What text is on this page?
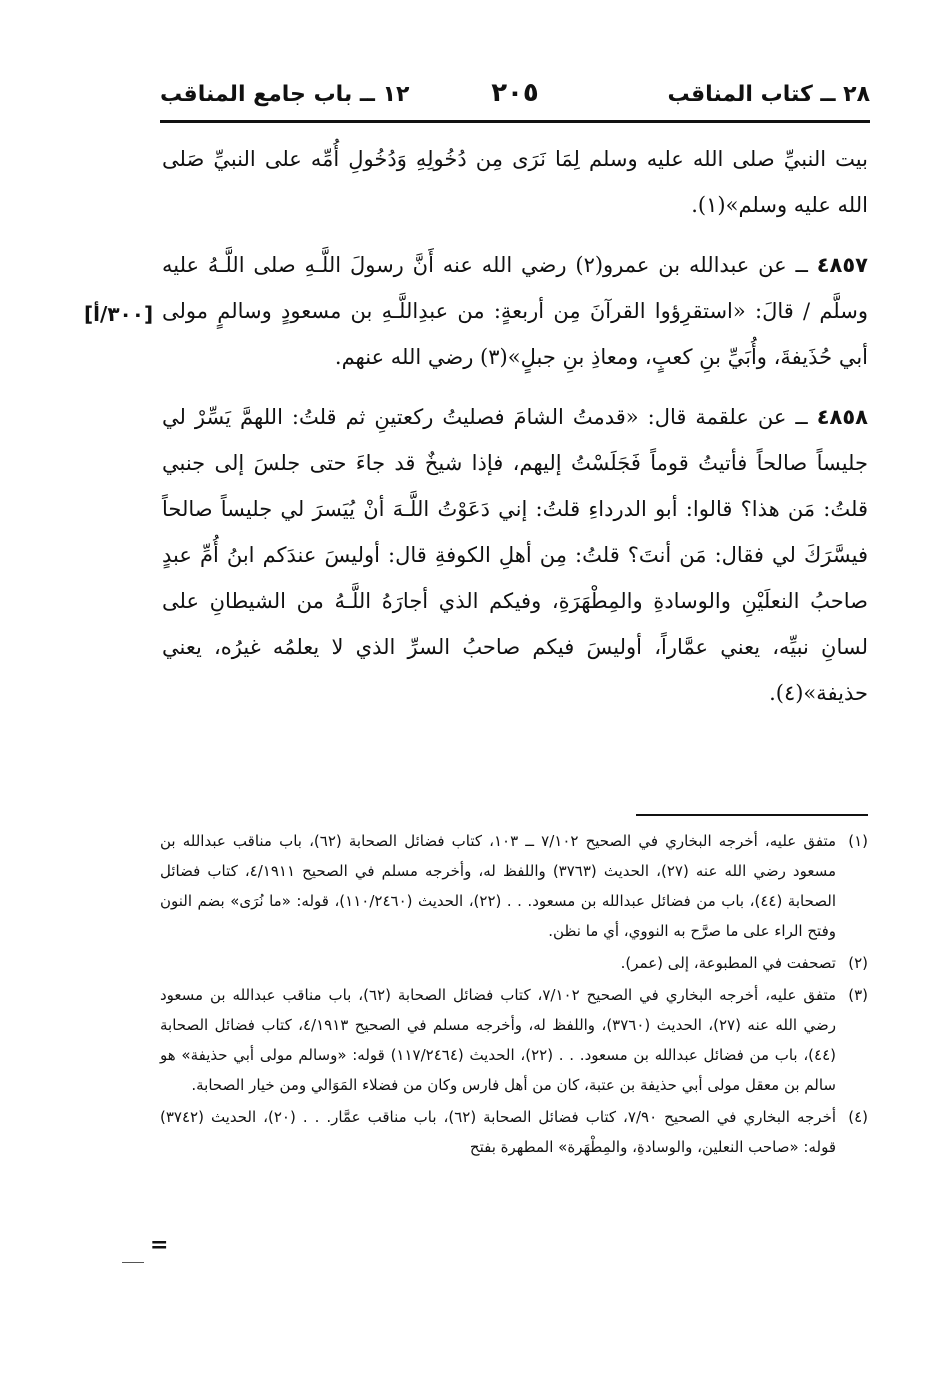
٢٨ ــ كتاب المناقب
٢٠٥
١٢ ــ باب جامع المناقب
[٣٠٠/أ]

بيت النبيِّ صلى الله عليه وسلم لِمَا نَرَى مِن دُخُولِهِ وَدُخُولِ أُمِّه على النبيِّ صَلى الله عليه وسلم»(١).

٤٨٥٧ ــ عن عبدالله بن عمرو(٢) رضي الله عنه أَنَّ رسولَ اللَّـهِ صلى اللَّـهُ عليه وسلَّم / قالَ: «استقرِؤوا القرآنَ مِن أربعةٍ: من عبدِاللَّـهِ بن مسعودٍ وسالمٍ مولى أبي حُذَيفةَ، وأُبَيِّ بنِ كعبٍ، ومعاذِ بنِ جبلٍ»(٣) رضي الله عنهم.

٤٨٥٨ ــ عن علقمة قال: «قدمتُ الشامَ فصليتُ ركعتينِ ثم قلتُ: اللهمَّ يَسِّرْ لي جليساً صالحاً فأتيتُ قوماً فَجَلَسْتُ إليهم، فإذا شيخٌ قد جاءَ حتى جلسَ إلى جنبي قلتُ: مَن هذا؟ قالوا: أبو الدرداءِ قلتُ: إني دَعَوْتُ اللَّـهَ أنْ يُيَسرَ لي جليساً صالحاً فيسَّرَكَ لي فقال: مَن أنتَ؟ قلتُ: مِن أهلِ الكوفةِ قال: أوليسَ عندَكم ابنُ أُمِّ عبدٍ صاحبُ النعلَيْنِ والوسادةِ والمِطْهَرَةِ، وفيكم الذي أجارَهُ اللَّـهُ من الشيطانِ على لسانِ نبيِّه، يعني عمَّاراً، أوليسَ فيكم صاحبُ السرِّ الذي لا يعلمُه غيرُه، يعني حذيفة»(٤).

(١)
متفق عليه، أخرجه البخاري في الصحيح ٧/١٠٢ ــ ١٠٣، كتاب فضائل الصحابة (٦٢)، باب مناقب عبدالله بن مسعود رضي الله عنه (٢٧)، الحديث (٣٧٦٣) واللفظ له، وأخرجه مسلم في الصحيح ٤/١٩١١، كتاب فضائل الصحابة (٤٤)، باب من فضائل عبدالله بن مسعود. . . (٢٢)، الحديث (١١٠/٢٤٦٠)، قوله: «ما نُرَى» بضم النون وفتح الراء على ما صرَّح به النووي، أي ما نظن.
(٢)
تصحفت في المطبوعة، إلى (عمر).
(٣)
متفق عليه، أخرجه البخاري في الصحيح ٧/١٠٢، كتاب فضائل الصحابة (٦٢)، باب مناقب عبدالله بن مسعود رضي الله عنه (٢٧)، الحديث (٣٧٦٠)، واللفظ له، وأخرجه مسلم في الصحيح ٤/١٩١٣، كتاب فضائل الصحابة (٤٤)، باب من فضائل عبدالله بن مسعود. . . (٢٢)، الحديث (١١٧/٢٤٦٤) قوله: «وسالم مولى أبي حذيفة» هو سالم بن معقل مولى أبي حذيفة بن عتبة، كان من أهل فارس وكان من فضلاء المَوَالي ومن خيار الصحابة.
(٤)
أخرجه البخاري في الصحيح ٧/٩٠، كتاب فضائل الصحابة (٦٢)، باب مناقب عمَّار. . . (٢٠)، الحديث (٣٧٤٢) قوله: «صاحب النعلين، والوسادةِ، والمِطْهَرة» المطهرة بفتح
=
